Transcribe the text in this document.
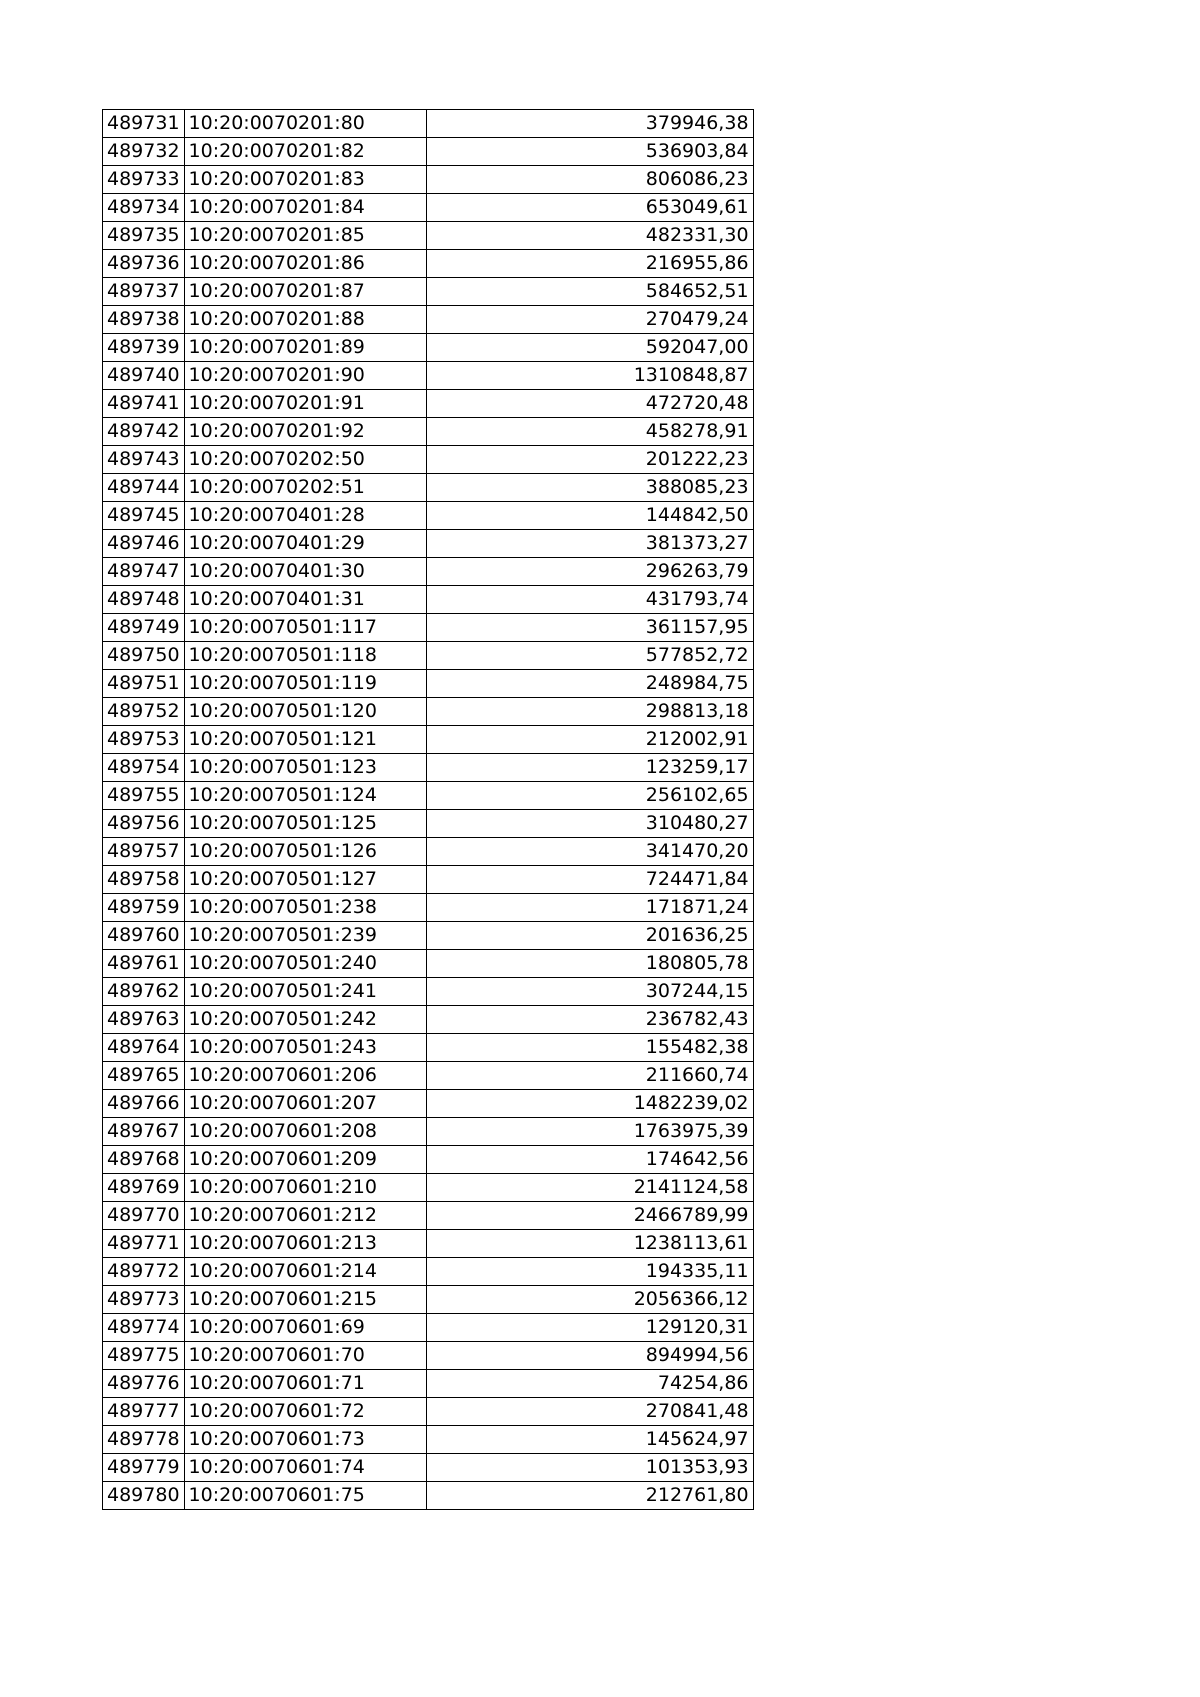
489731	10:20:0070201:80	379946,38
489732	10:20:0070201:82	536903,84
489733	10:20:0070201:83	806086,23
489734	10:20:0070201:84	653049,61
489735	10:20:0070201:85	482331,30
489736	10:20:0070201:86	216955,86
489737	10:20:0070201:87	584652,51
489738	10:20:0070201:88	270479,24
489739	10:20:0070201:89	592047,00
489740	10:20:0070201:90	1310848,87
489741	10:20:0070201:91	472720,48
489742	10:20:0070201:92	458278,91
489743	10:20:0070202:50	201222,23
489744	10:20:0070202:51	388085,23
489745	10:20:0070401:28	144842,50
489746	10:20:0070401:29	381373,27
489747	10:20:0070401:30	296263,79
489748	10:20:0070401:31	431793,74
489749	10:20:0070501:117	361157,95
489750	10:20:0070501:118	577852,72
489751	10:20:0070501:119	248984,75
489752	10:20:0070501:120	298813,18
489753	10:20:0070501:121	212002,91
489754	10:20:0070501:123	123259,17
489755	10:20:0070501:124	256102,65
489756	10:20:0070501:125	310480,27
489757	10:20:0070501:126	341470,20
489758	10:20:0070501:127	724471,84
489759	10:20:0070501:238	171871,24
489760	10:20:0070501:239	201636,25
489761	10:20:0070501:240	180805,78
489762	10:20:0070501:241	307244,15
489763	10:20:0070501:242	236782,43
489764	10:20:0070501:243	155482,38
489765	10:20:0070601:206	211660,74
489766	10:20:0070601:207	1482239,02
489767	10:20:0070601:208	1763975,39
489768	10:20:0070601:209	174642,56
489769	10:20:0070601:210	2141124,58
489770	10:20:0070601:212	2466789,99
489771	10:20:0070601:213	1238113,61
489772	10:20:0070601:214	194335,11
489773	10:20:0070601:215	2056366,12
489774	10:20:0070601:69	129120,31
489775	10:20:0070601:70	894994,56
489776	10:20:0070601:71	74254,86
489777	10:20:0070601:72	270841,48
489778	10:20:0070601:73	145624,97
489779	10:20:0070601:74	101353,93
489780	10:20:0070601:75	212761,80
